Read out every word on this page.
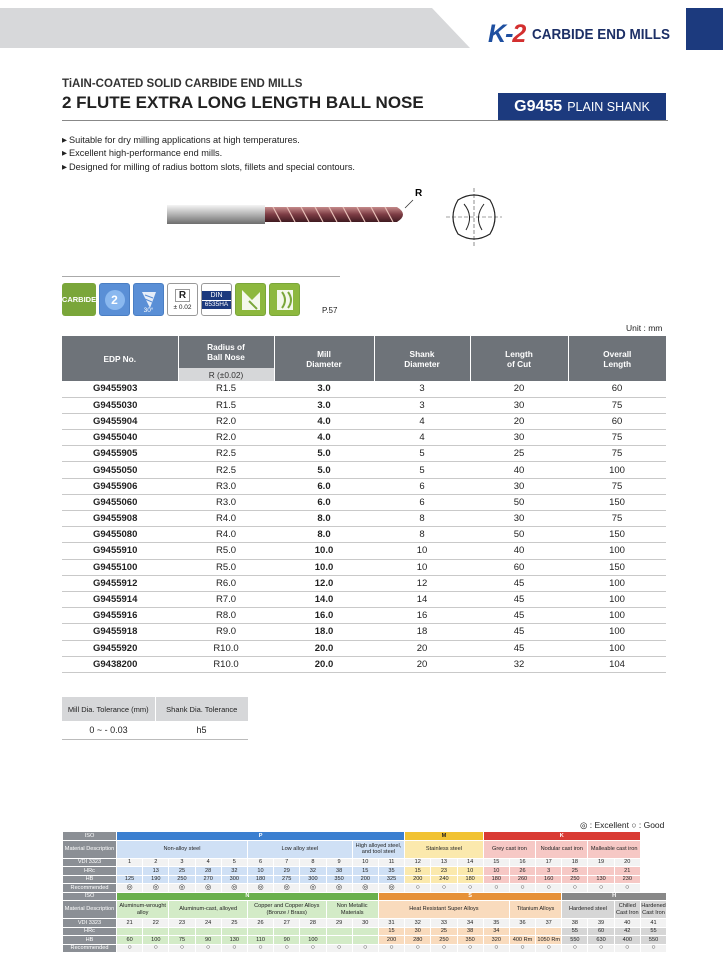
K-2 CARBIDE END MILLS
TiAIN-COATED SOLID CARBIDE END MILLS
2 FLUTE EXTRA LONG LENGTH BALL NOSE	G9455 PLAIN SHANK
▶ Suitable for dry milling applications at high temperatures.
▶ Excellent high-performance end mills.
▶ Designed for milling of radius bottom slots, fillets and special contours.
R
CARBIDE 2
30°
R
± 0.02
DIN
6535HA
P.57
Unit : mm
EDP No.	Radius of Ball Nose	Mill Diameter	Shank Diameter	Length of Cut	Overall Length
	R (±0.02)				
G9455903	R1.5	3.0	3	20	60
G9455030	R1.5	3.0	3	30	75
G9455904	R2.0	4.0	4	20	60
G9455040	R2.0	4.0	4	30	75
G9455905	R2.5	5.0	5	25	75
G9455050	R2.5	5.0	5	40	100
G9455906	R3.0	6.0	6	30	75
G9455060	R3.0	6.0	6	50	150
G9455908	R4.0	8.0	8	30	75
G9455080	R4.0	8.0	8	50	150
G9455910	R5.0	10.0	10	40	100
G9455100	R5.0	10.0	10	60	150
G9455912	R6.0	12.0	12	45	100
G9455914	R7.0	14.0	14	45	100
G9455916	R8.0	16.0	16	45	100
G9455918	R9.0	18.0	18	45	100
G9455920	R10.0	20.0	20	45	100
G9438200	R10.0	20.0	20	32	104
Mill Dia. Tolerance (mm)	Shank Dia. Tolerance
0 ~ - 0.03	h5
◎ : Excellent ○ : Good
ISO	P											M			K						
Material Description	Non-alloy steel					Low alloy steel				High alloyed steel, and tool steel		Stainless steel			Grey cast iron		Nodular cast iron		Malleable cast iron		
VDI 3323	1	2	3	4	5	6	7	8	9	10	11	12	13	14	15	16	17	18	19	20	
HRc		13	25	28	32	10	29	32	38	15	35	15	23	10	10	26	3	25		21	
HB	125	190	250	270	300	180	275	300	350	200	325	200	240	180	180	260	160	250	130	230	
Recommended	◎	◎	◎	◎	◎	◎	◎	◎	◎	◎	◎	○	○	○	○	○	○	○	○	○	
ISO	N										S							H			
Material Description	Aluminum-wrought alloy		Aluminum-cast, alloyed			Copper and Copper Alloys (Bronze / Brass)			Non Metallic Materials		Heat Resistant Super Alloys					Titanium Alloys		Hardened steel		Chilled Cast Iron	Hardened Cast Iron
VDI 3323	21	22	23	24	25	26	27	28	29	30	31	32	33	34	35	36	37	38	39	40	41
HRc											15	30	25	38	34			55	60	42	55
HB	60	100	75	90	130	110	90	100			200	280	250	350	320	400 Rm	1050 Rm	550	630	400	550
Recommended	○	○	○	○	○	○	○	○	○	○	○	○	○	○	○	○	○	○	○	○	○
